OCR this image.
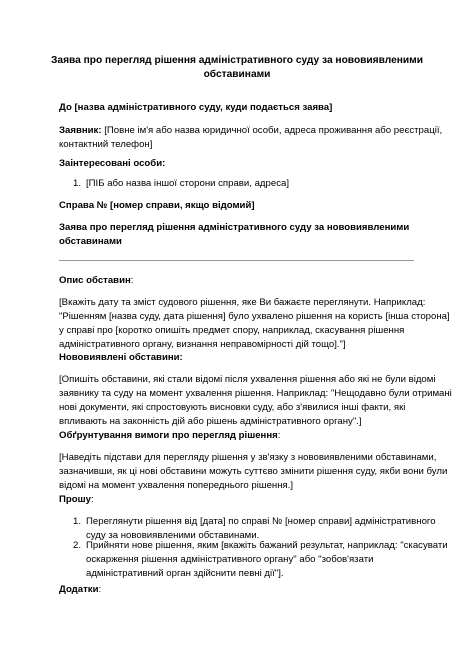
Заява про перегляд рішення адміністративного суду за нововиявленими обставинами
До [назва адміністративного суду, куди подається заява]
Заявник: [Повне ім'я або назва юридичної особи, адреса проживання або реєстрації,
контактний телефон]
Заінтересовані особи:
1. [ПІБ або назва іншої сторони справи, адреса]
Справа № [номер справи, якщо відомий]
Заява про перегляд рішення адміністративного суду за нововиявленими
обставинами
Опис обставин:
[Вкажіть дату та зміст судового рішення, яке Ви бажаєте переглянути. Наприклад:
"Рішенням [назва суду, дата рішення] було ухвалено рішення на користь [інша сторона]
у справі про [коротко опишіть предмет спору, наприклад, скасування рішення
адміністративного органу, визнання неправомірності дій тощо]."]
Нововиявлені обставини:
[Опишіть обставини, які стали відомі після ухвалення рішення або які не були відомі
заявнику та суду на момент ухвалення рішення. Наприклад: "Нещодавно були отримані
нові документи, які спростовують висновки суду, або з'явилися інші факти, які
впливають на законність дій або рішень адміністративного органу".]
Обґрунтування вимоги про перегляд рішення:
[Наведіть підстави для перегляду рішення у зв'язку з нововиявленими обставинами,
зазначивши, як ці нові обставини можуть суттєво змінити рішення суду, якби вони були
відомі на момент ухвалення попереднього рішення.]
Прошу:
1. Переглянути рішення від [дата] по справі № [номер справи] адміністративного
суду за нововиявленими обставинами.
2. Прийняти нове рішення, яким [вкажіть бажаний результат, наприклад: "скасувати
оскарження рішення адміністративного органу" або "зобов'язати
адміністративний орган здійснити певні дії"].
Додатки:
